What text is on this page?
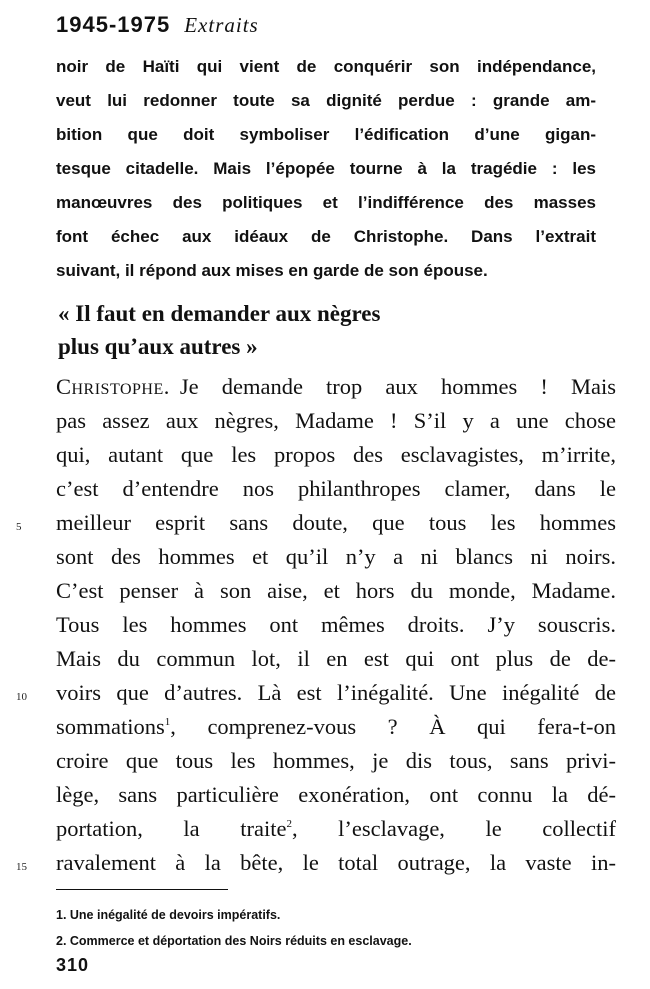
1945-1975 Extraits
noir de Haïti qui vient de conquérir son indépendance,
veut lui redonner toute sa dignité perdue : grande am-
bition que doit symboliser l’édification d’une gigan-
tesque citadelle. Mais l’épopée tourne à la tragédie : les
manœuvres des politiques et l’indifférence des masses
font échec aux idéaux de Christophe. Dans l’extrait
suivant, il répond aux mises en garde de son épouse.
« Il faut en demander aux nègres
plus qu’aux autres »
Christophe. Je demande trop aux hommes ! Mais
pas assez aux nègres, Madame ! S’il y a une chose
qui, autant que les propos des esclavagistes, m’irrite,
c’est d’entendre nos philanthropes clamer, dans le
meilleur esprit sans doute, que tous les hommes
sont des hommes et qu’il n’y a ni blancs ni noirs.
C’est penser à son aise, et hors du monde, Madame.
Tous les hommes ont mêmes droits. J’y souscris.
Mais du commun lot, il en est qui ont plus de de-
voirs que d’autres. Là est l’inégalité. Une inégalité de
sommations$^1$, comprenez-vous ? À qui fera-t-on
croire que tous les hommes, je dis tous, sans privi-
lège, sans particulière exonération, ont connu la dé-
portation, la traite$^2$, l’esclavage, le collectif
ravalement à la bête, le total outrage, la vaste in-
5
10
15
1. Une inégalité de devoirs impératifs.
2. Commerce et déportation des Noirs réduits en esclavage.
310
